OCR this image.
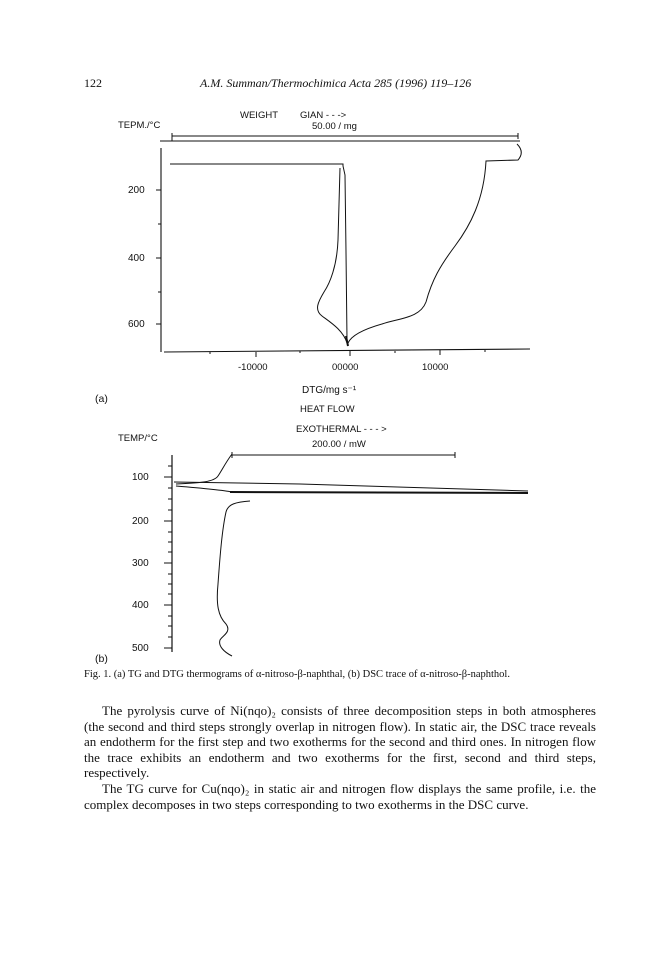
122	A.M. Summan/Thermochimica Acta 285 (1996) 119–126
WEIGHT GIAN - - ->
TEPM./°C	50.00 / mg
200
400
600
-10000	00000	10000
DTG/mg s⁻¹
(a)
HEAT FLOW
EXOTHERMAL - - - >
TEMP/°C
200.00 / mW
100
200
300
400
500
(b)
Fig. 1. (a) TG and DTG thermograms of α-nitroso-β-naphthal, (b) DSC trace of α-nitroso-β-naphthol.

The pyrolysis curve of Ni(nqo)₂ consists of three decomposition steps in both atmospheres (the second and third steps strongly overlap in nitrogen flow). In static air, the DSC trace reveals an endotherm for the first step and two exotherms for the second and third ones. In nitrogen flow the trace exhibits an endotherm and two exotherms for the first, second and third steps, respectively.

The TG curve for Cu(nqo)₂ in static air and nitrogen flow displays the same profile, i.e. the complex decomposes in two steps corresponding to two exotherms in the DSC curve.
